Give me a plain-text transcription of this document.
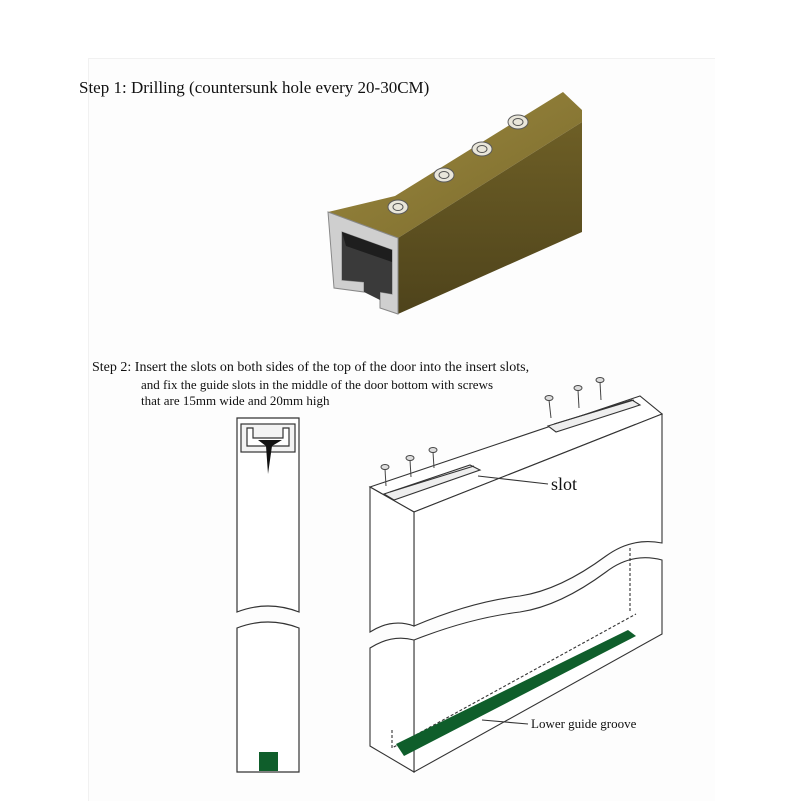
Step 1: Drilling (countersunk hole every 20-30CM)
Step 2: Insert the slots on both sides of the top of the door into the insert slots,
and fix the guide slots in the middle of the door bottom with screws
that are 15mm wide and 20mm high
slot
Lower guide groove
